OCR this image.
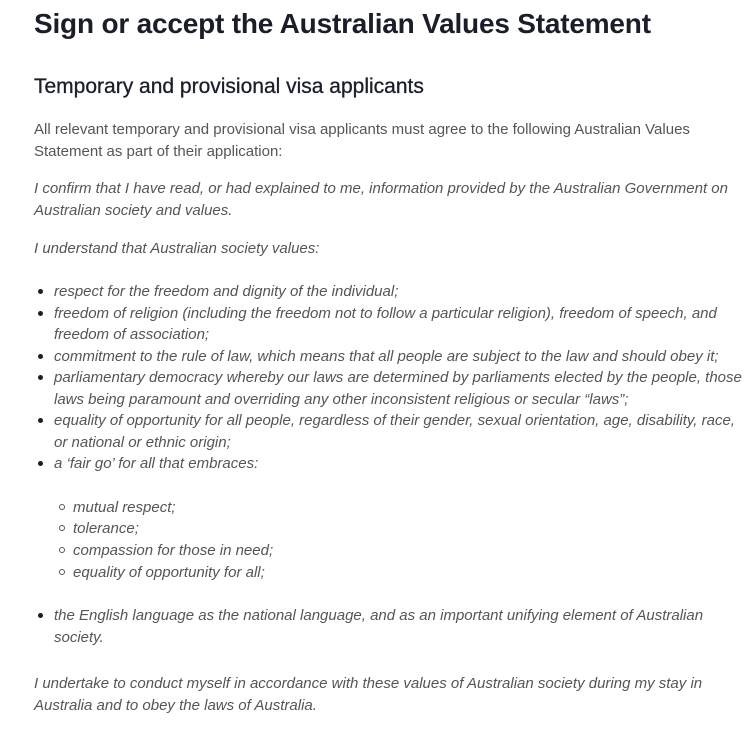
Sign or accept the Australian Values Statement
Temporary and provisional visa applicants

All relevant temporary and provisional visa applicants must agree to the following Australian Values Statement as part of their application:

I confirm that I have read, or had explained to me, information provided by the Australian Government on Australian society and values.

I understand that Australian society values:

respect for the freedom and dignity of the individual;
freedom of religion (including the freedom not to follow a particular religion), freedom of speech, and freedom of association;
commitment to the rule of law, which means that all people are subject to the law and should obey it;
parliamentary democracy whereby our laws are determined by parliaments elected by the people, those laws being paramount and overriding any other inconsistent religious or secular “laws”;
equality of opportunity for all people, regardless of their gender, sexual orientation, age, disability, race, or national or ethnic origin;
a ‘fair go’ for all that embraces:
mutual respect;
tolerance;
compassion for those in need;
equality of opportunity for all;
the English language as the national language, and as an important unifying element of Australian society.

I undertake to conduct myself in accordance with these values of Australian society during my stay in Australia and to obey the laws of Australia.
